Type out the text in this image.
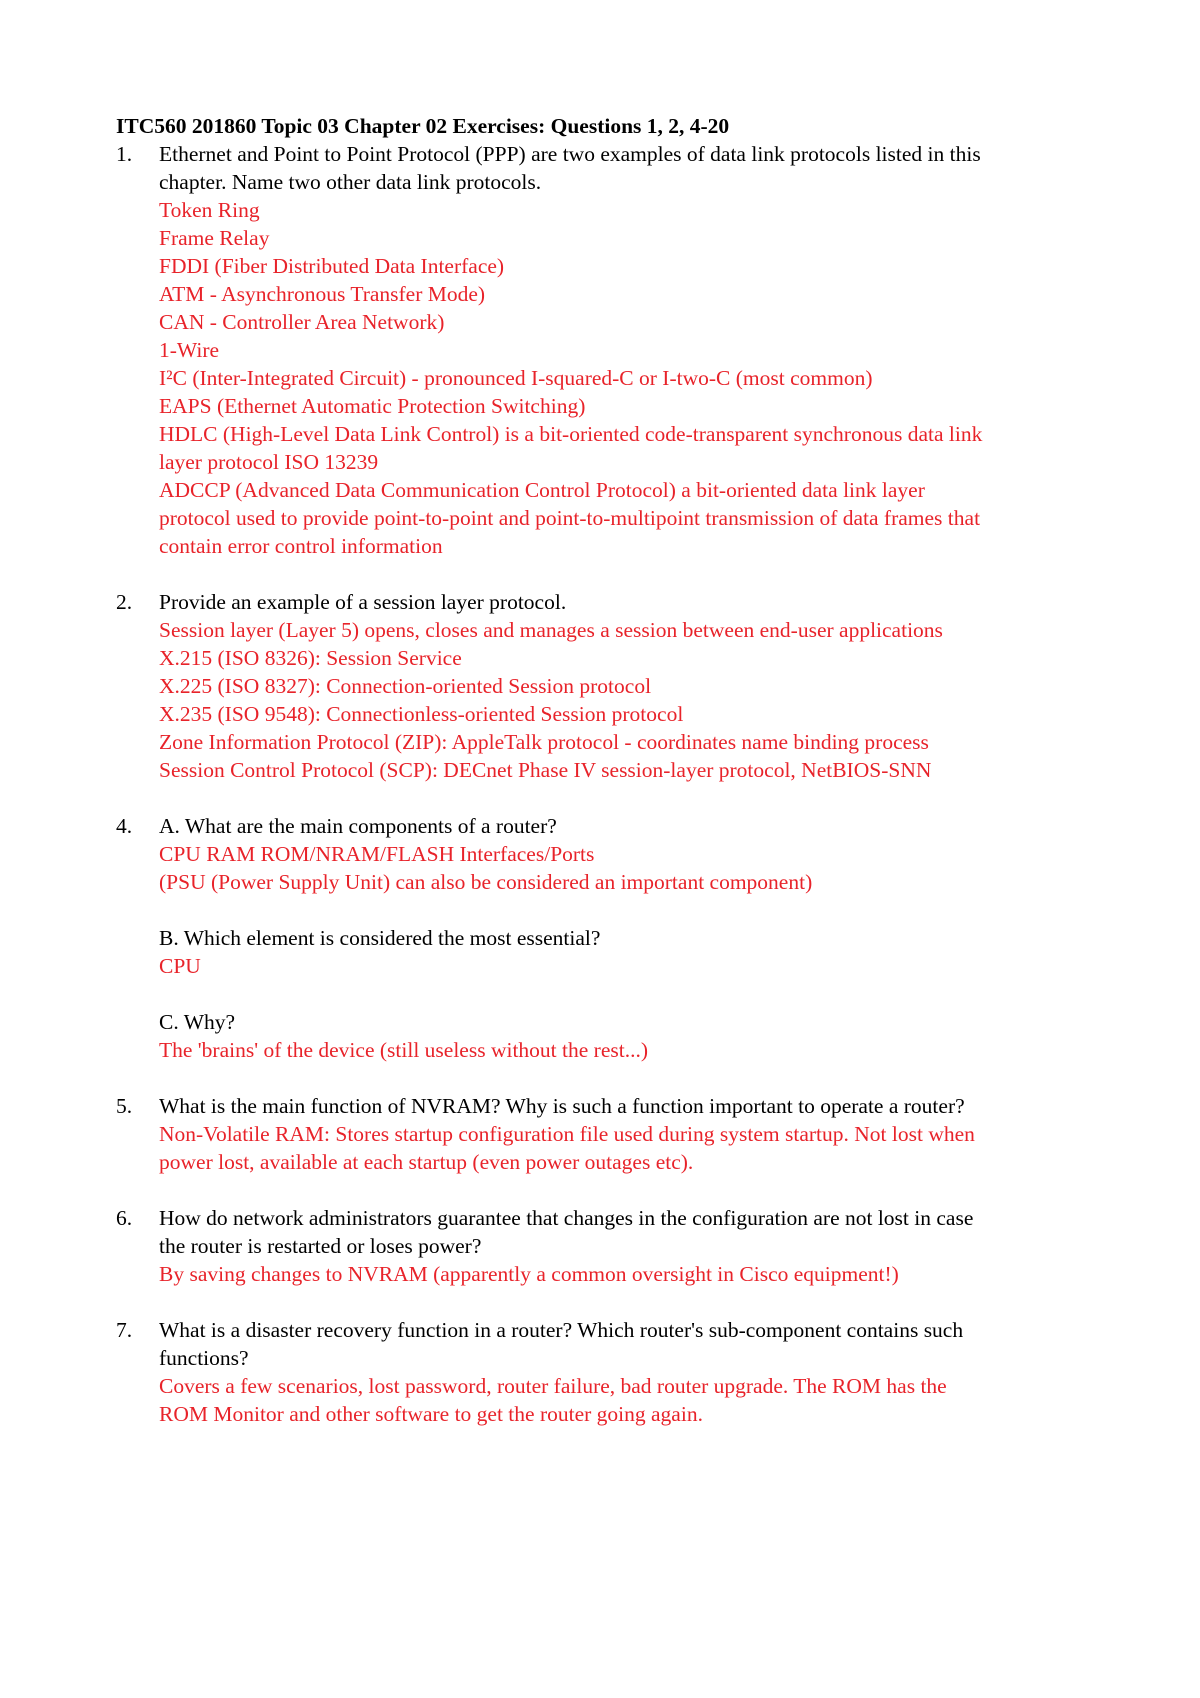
ITC560 201860 Topic 03 Chapter 02 Exercises: Questions 1, 2, 4-20

1. Ethernet and Point to Point Protocol (PPP) are two examples of data link protocols listed in this

chapter. Name two other data link protocols.

Token Ring

Frame Relay

FDDI (Fiber Distributed Data Interface)

ATM - Asynchronous Transfer Mode)

CAN - Controller Area Network)

1-Wire

I²C (Inter-Integrated Circuit) - pronounced I-squared-C or I-two-C (most common)

EAPS (Ethernet Automatic Protection Switching)

HDLC (High-Level Data Link Control) is a bit-oriented code-transparent synchronous data link

layer protocol ISO 13239

ADCCP (Advanced Data Communication Control Protocol) a bit-oriented data link layer

protocol used to provide point-to-point and point-to-multipoint transmission of data frames that

contain error control information

2. Provide an example of a session layer protocol.

Session layer (Layer 5) opens, closes and manages a session between end-user applications

X.215 (ISO 8326): Session Service

X.225 (ISO 8327): Connection-oriented Session protocol

X.235 (ISO 9548): Connectionless-oriented Session protocol

Zone Information Protocol (ZIP): AppleTalk protocol - coordinates name binding process

Session Control Protocol (SCP): DECnet Phase IV session-layer protocol, NetBIOS-SNN

4. A. What are the main components of a router?

CPU RAM ROM/NRAM/FLASH Interfaces/Ports

(PSU (Power Supply Unit) can also be considered an important component)

B. Which element is considered the most essential?

CPU

C. Why?

The 'brains' of the device (still useless without the rest...)

5. What is the main function of NVRAM? Why is such a function important to operate a router?

Non-Volatile RAM: Stores startup configuration file used during system startup. Not lost when

power lost, available at each startup (even power outages etc).

6. How do network administrators guarantee that changes in the configuration are not lost in case

the router is restarted or loses power?

By saving changes to NVRAM (apparently a common oversight in Cisco equipment!)

7. What is a disaster recovery function in a router? Which router's sub-component contains such

functions?

Covers a few scenarios, lost password, router failure, bad router upgrade. The ROM has the

ROM Monitor and other software to get the router going again.
